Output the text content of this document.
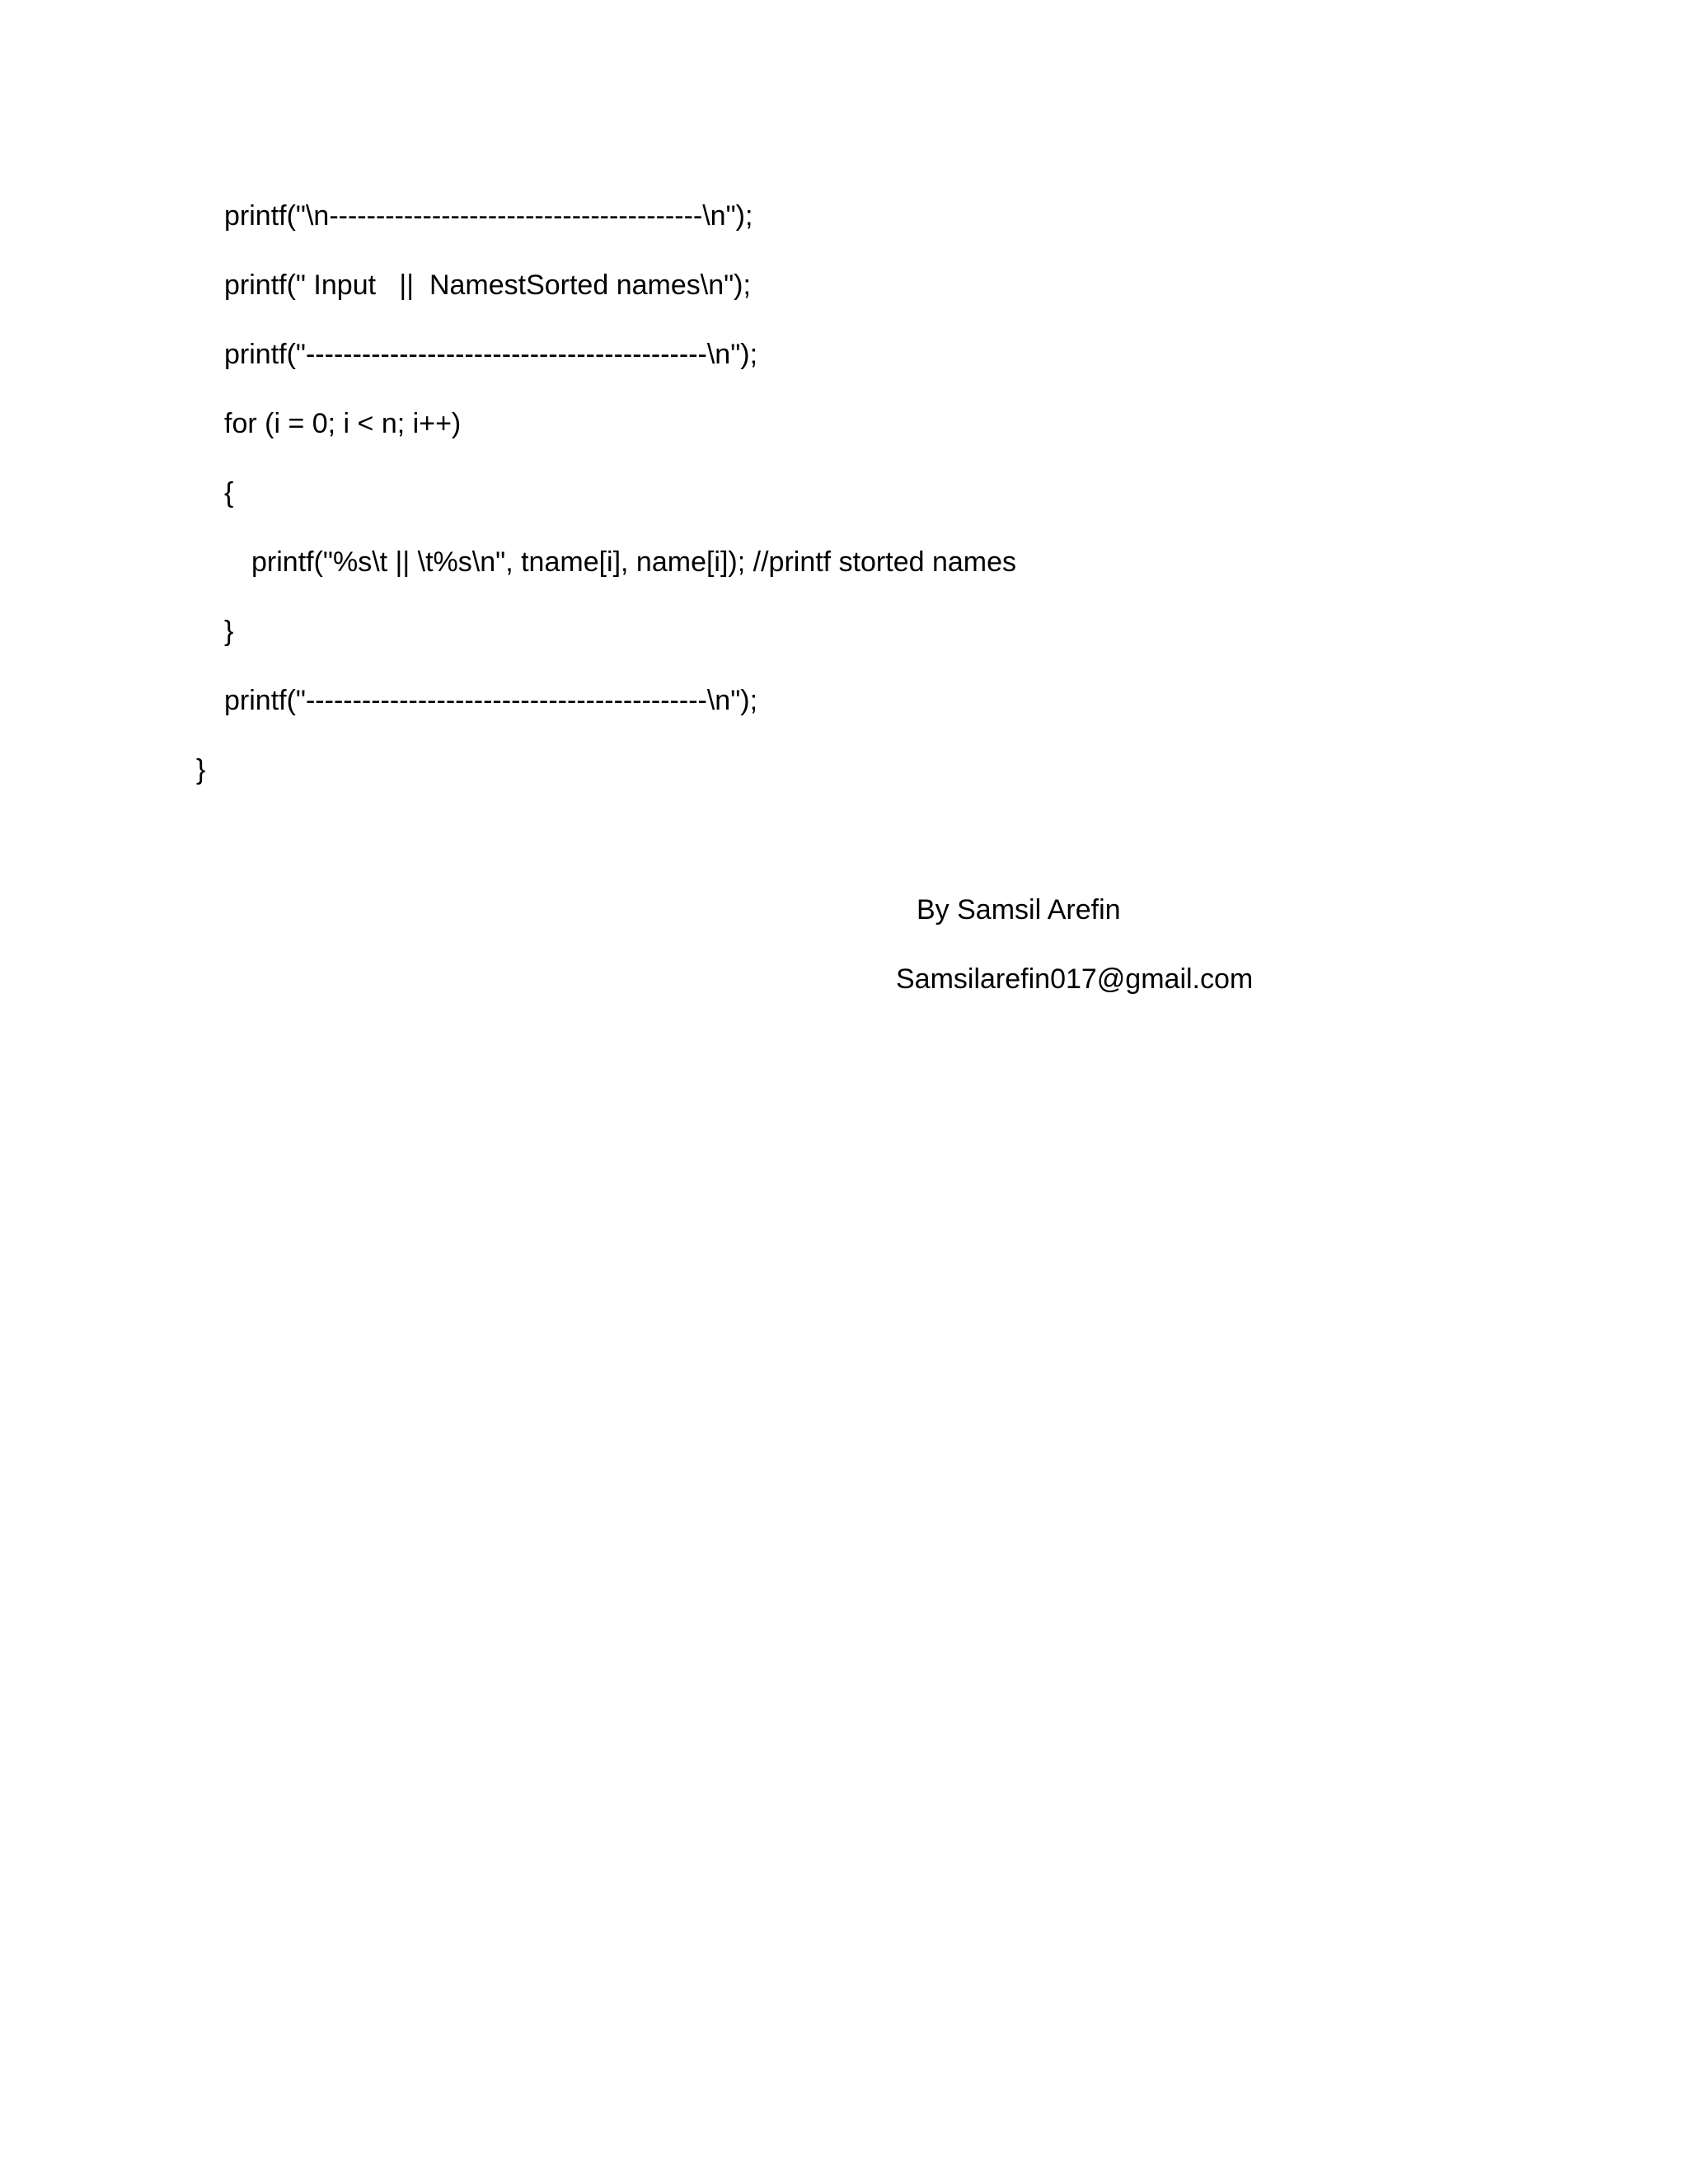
printf("\n----------------------------------------\n");
printf(" Input   ||  NamestSorted names\n");
printf("-------------------------------------------\n");
for (i = 0; i < n; i++)
{
printf("%s\t || \t%s\n", tname[i], name[i]); //printf storted names
}
printf("-------------------------------------------\n");
}
By Samsil Arefin
Samsilarefin017@gmail.com
